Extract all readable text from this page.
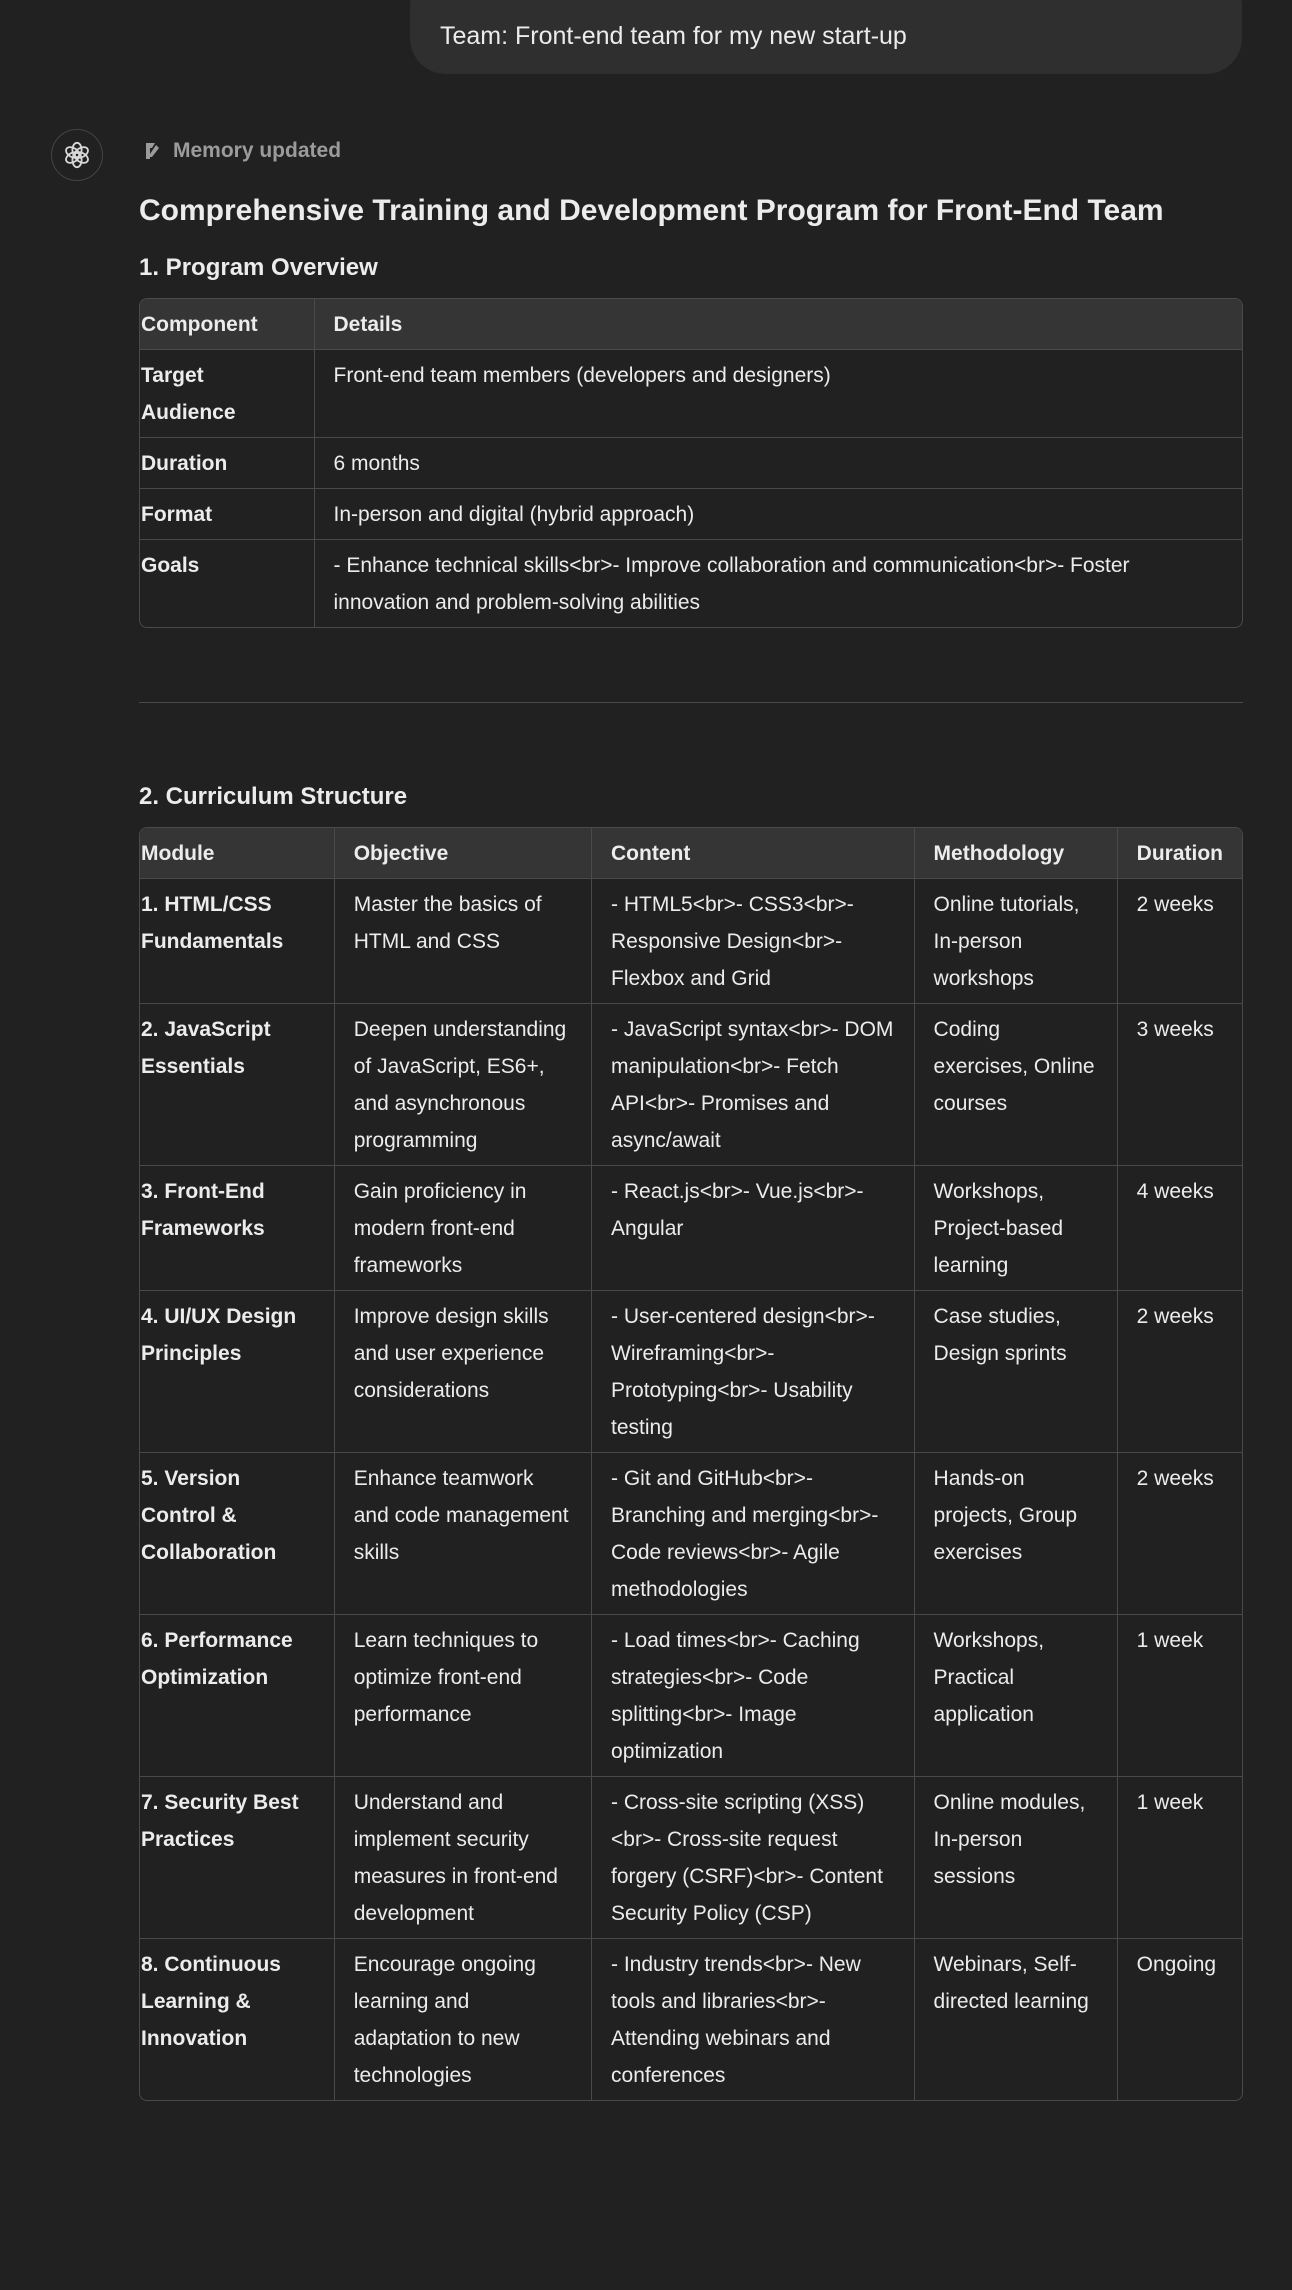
Team: Front-end team for my new start-up
Memory updated
Comprehensive Training and Development Program for Front-End Team
1. Program Overview
Component	Details
Target Audience	Front-end team members (developers and designers)
Duration	6 months
Format	In-person and digital (hybrid approach)
Goals	- Enhance technical skills<br>- Improve collaboration and communication<br>- Foster innovation and problem-solving abilities
2. Curriculum Structure
Module	Objective	Content	Methodology	Duration
1. HTML/CSS Fundamentals	Master the basics of HTML and CSS	- HTML5<br>- CSS3<br>- Responsive Design<br>- Flexbox and Grid	Online tutorials, In-person workshops	2 weeks
2. JavaScript Essentials	Deepen understanding of JavaScript, ES6+, and asynchronous programming	- JavaScript syntax<br>- DOM manipulation<br>- Fetch API<br>- Promises and async/await	Coding exercises, Online courses	3 weeks
3. Front-End Frameworks	Gain proficiency in modern front-end frameworks	- React.js<br>- Vue.js<br>- Angular	Workshops, Project-based learning	4 weeks
4. UI/UX Design Principles	Improve design skills and user experience considerations	- User-centered design<br>- Wireframing<br>- Prototyping<br>- Usability testing	Case studies, Design sprints	2 weeks
5. Version Control & Collaboration	Enhance teamwork and code management skills	- Git and GitHub<br>- Branching and merging<br>- Code reviews<br>- Agile methodologies	Hands-on projects, Group exercises	2 weeks
6. Performance Optimization	Learn techniques to optimize front-end performance	- Load times<br>- Caching strategies<br>- Code splitting<br>- Image optimization	Workshops, Practical application	1 week
7. Security Best Practices	Understand and implement security measures in front-end development	- Cross-site scripting (XSS)<br>- Cross-site request forgery (CSRF)<br>- Content Security Policy (CSP)	Online modules, In-person sessions	1 week
8. Continuous Learning & Innovation	Encourage ongoing learning and adaptation to new technologies	- Industry trends<br>- New tools and libraries<br>- Attending webinars and conferences	Webinars, Self-directed learning	Ongoing
